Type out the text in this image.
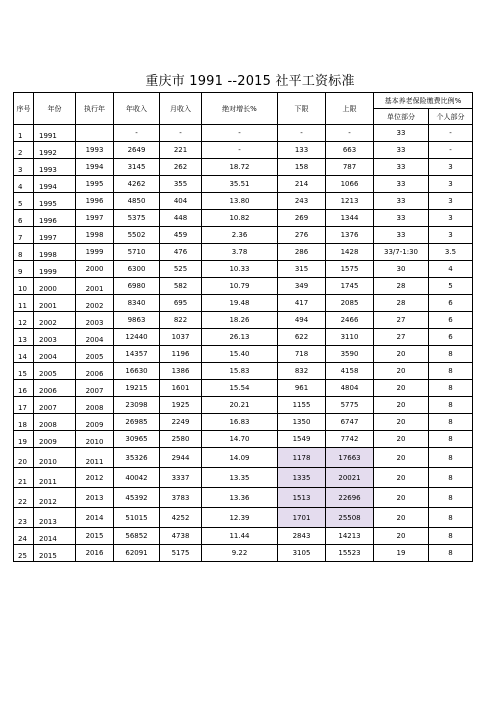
重庆市 1991 --2015 社平工资标准
序号	年份	执行年	年收入	月收入	绝对增长%	下限	上限	基本养老保险缴费比例%	
								单位部分	个人部分
1	1991		-	-	-	-	-	33	-
2	1992	1993	2649	221	-	133	663	33	-
3	1993	1994	3145	262	18.72	158	787	33	3
4	1994	1995	4262	355	35.51	214	1066	33	3
5	1995	1996	4850	404	13.80	243	1213	33	3
6	1996	1997	5375	448	10.82	269	1344	33	3
7	1997	1998	5502	459	2.36	276	1376	33	3
8	1998	1999	5710	476	3.78	286	1428	33/7-1:30	3.5
9	1999	2000	6300	525	10.33	315	1575	30	4
10	2000	2001	6980	582	10.79	349	1745	28	5
11	2001	2002	8340	695	19.48	417	2085	28	6
12	2002	2003	9863	822	18.26	494	2466	27	6
13	2003	2004	12440	1037	26.13	622	3110	27	6
14	2004	2005	14357	1196	15.40	718	3590	20	8
15	2005	2006	16630	1386	15.83	832	4158	20	8
16	2006	2007	19215	1601	15.54	961	4804	20	8
17	2007	2008	23098	1925	20.21	1155	5775	20	8
18	2008	2009	26985	2249	16.83	1350	6747	20	8
19	2009	2010	30965	2580	14.70	1549	7742	20	8
20	2010	2011	35326	2944	14.09	1178	17663	20	8
21	2011	2012	40042	3337	13.35	1335	20021	20	8
22	2012	2013	45392	3783	13.36	1513	22696	20	8
23	2013	2014	51015	4252	12.39	1701	25508	20	8
24	2014	2015	56852	4738	11.44	2843	14213	20	8
25	2015	2016	62091	5175	9.22	3105	15523	19	8
